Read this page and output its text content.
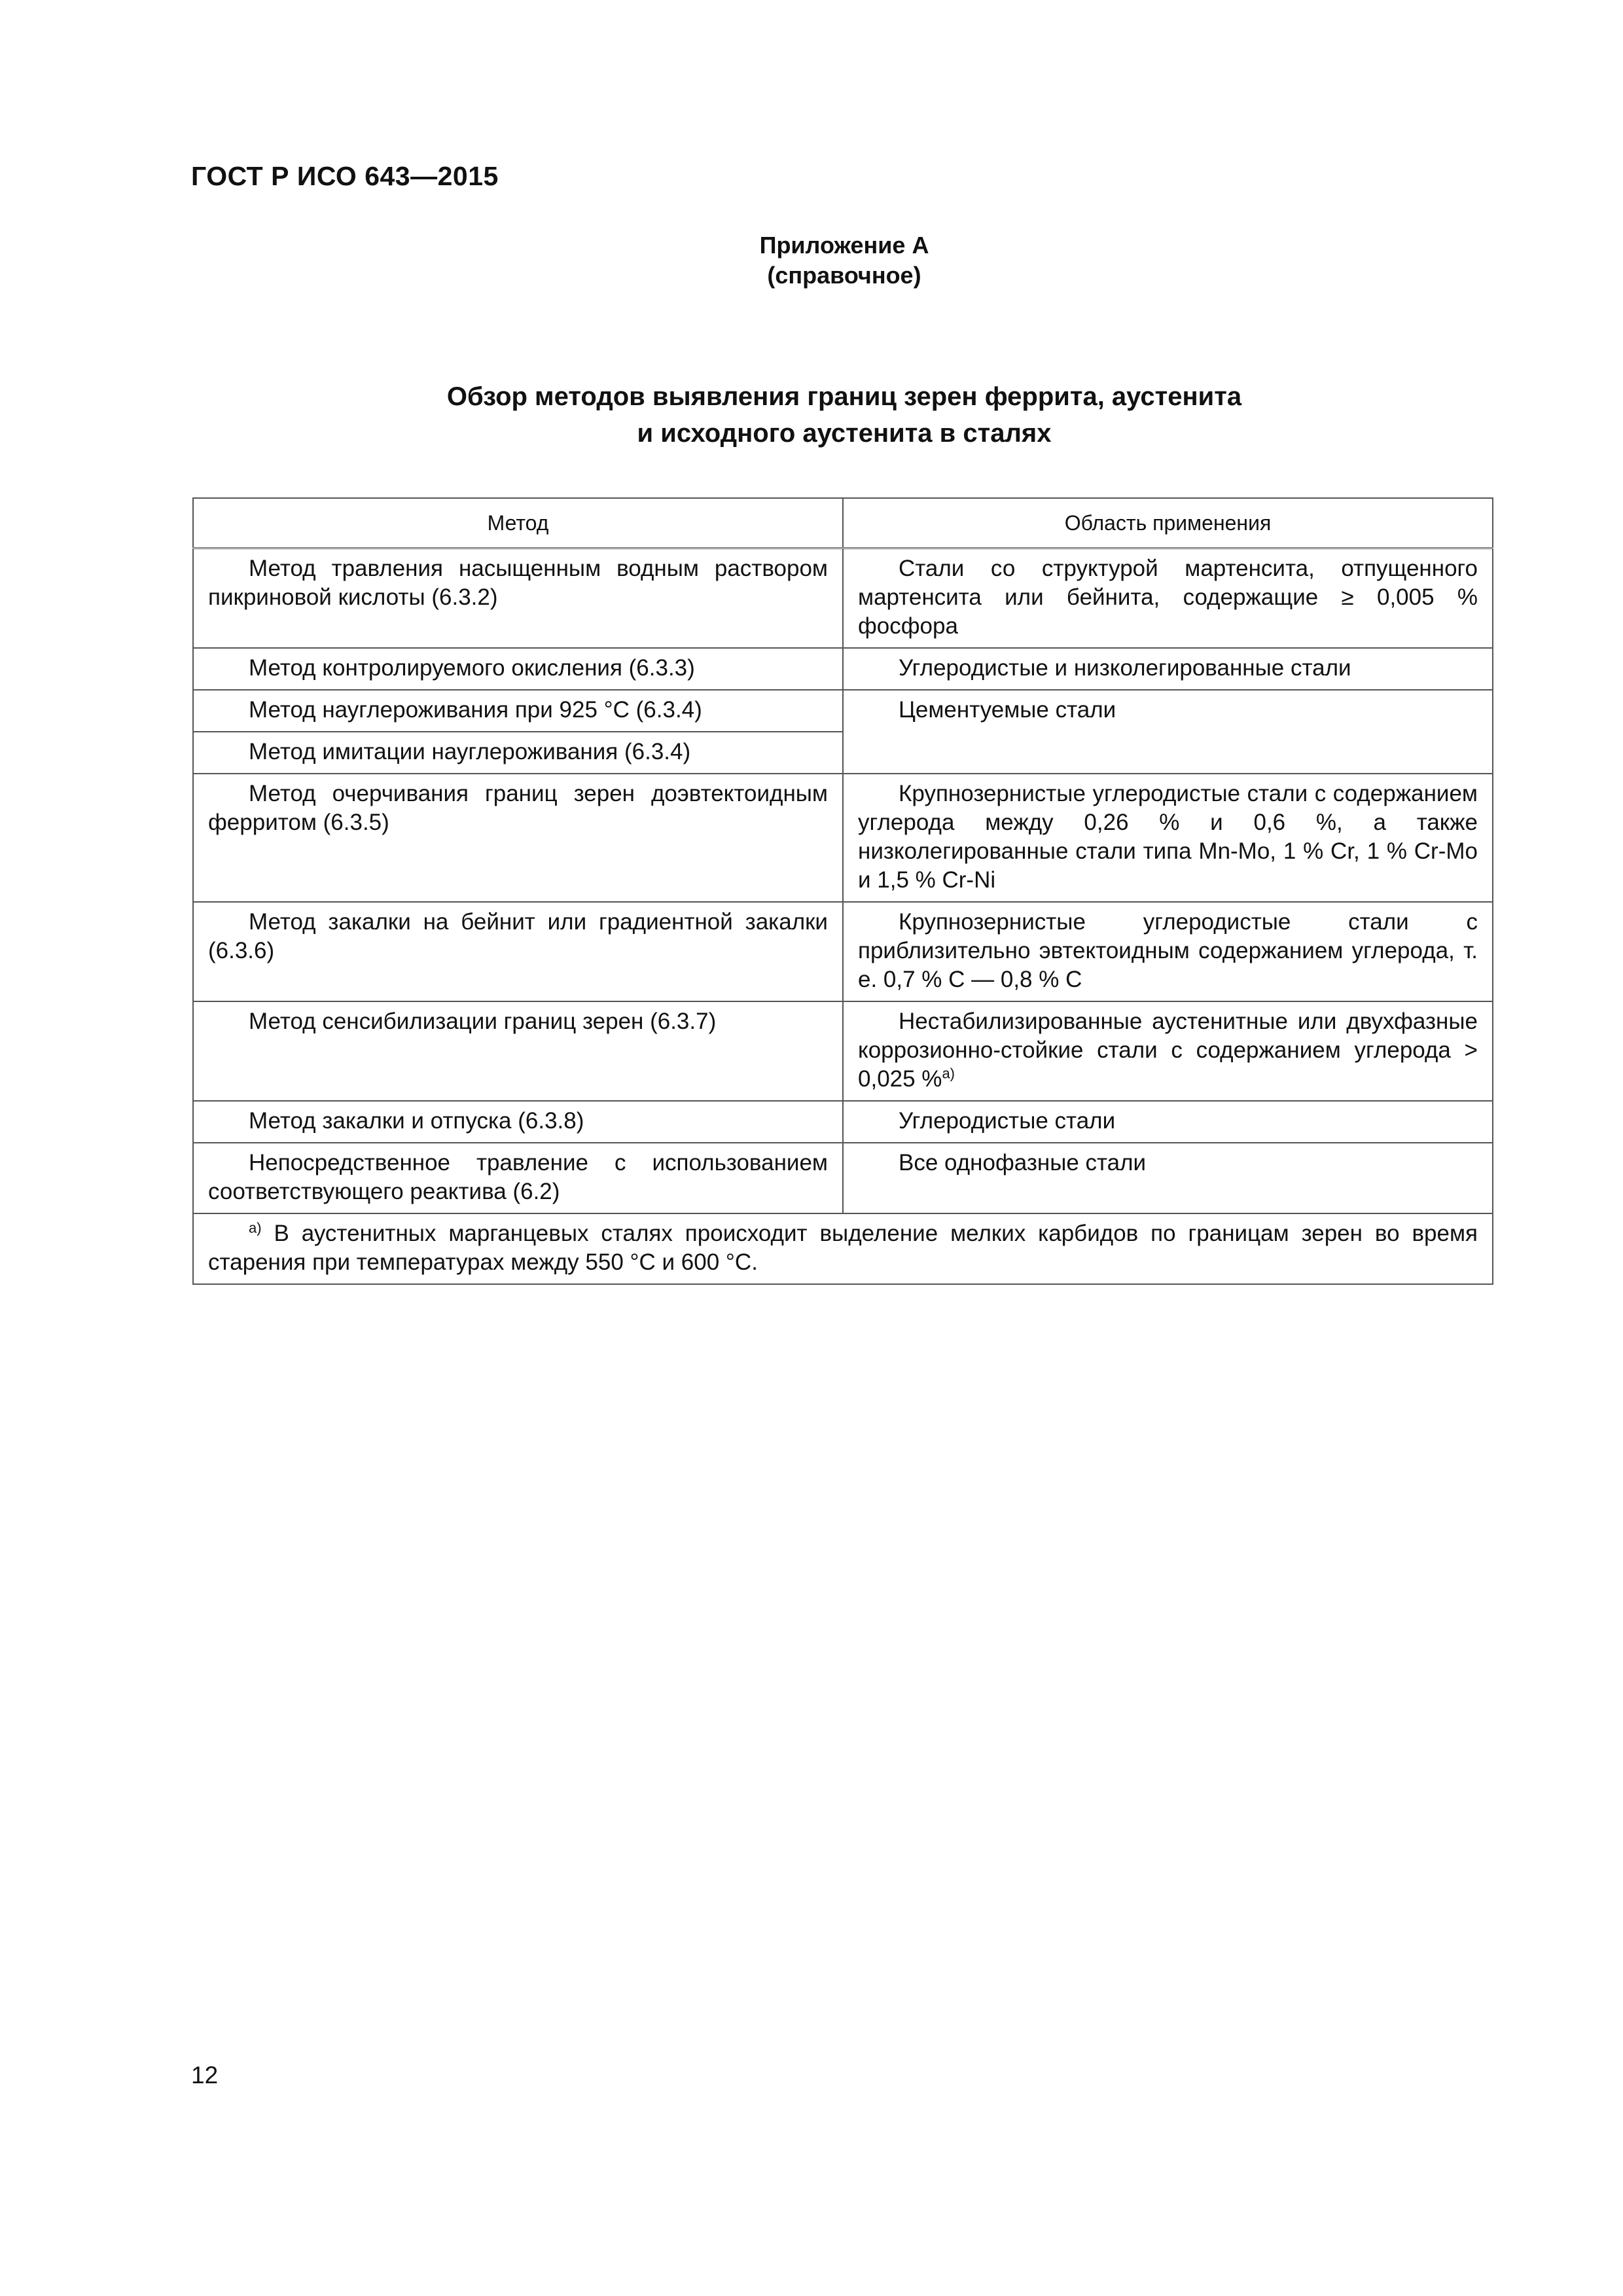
ГОСТ Р ИСО 643—2015
Приложение А
(справочное)
Обзор методов выявления границ зерен феррита, аустенита
и исходного аустенита в сталях
Метод	Область применения
Метод травления насыщенным водным раствором пикриновой кислоты (6.3.2)	Стали со структурой мартенсита, отпущенного мартенсита или бейнита, содержащие ≥ 0,005 % фосфора
Метод контролируемого окисления (6.3.3)	Углеродистые и низколегированные стали
Метод науглероживания при 925 °С (6.3.4)	Цементуемые стали
Метод имитации науглероживания (6.3.4)	
Метод очерчивания границ зерен доэвтектоидным ферритом (6.3.5)	Крупнозернистые углеродистые стали с содержанием углерода между 0,26 % и 0,6 %, а также низколегированные стали типа Mn-Mo, 1 % Cr, 1 % Cr-Mo и 1,5 % Cr-Ni
Метод закалки на бейнит или градиентной закалки (6.3.6)	Крупнозернистые углеродистые стали с приблизительно эвтектоидным содержанием углерода, т. е. 0,7 % С — 0,8 % С
Метод сенсибилизации границ зерен (6.3.7)	Нестабилизированные аустенитные или двухфазные коррозионно-стойкие стали с содержанием углерода > 0,025 %$^{а)}$
Метод закалки и отпуска (6.3.8)	Углеродистые стали
Непосредственное травление с использованием соответствующего реактива (6.2)	Все однофазные стали
$^{а)}$ В аустенитных марганцевых сталях происходит выделение мелких карбидов по границам зерен во время старения при температурах между 550 °С и 600 °С.	
12
